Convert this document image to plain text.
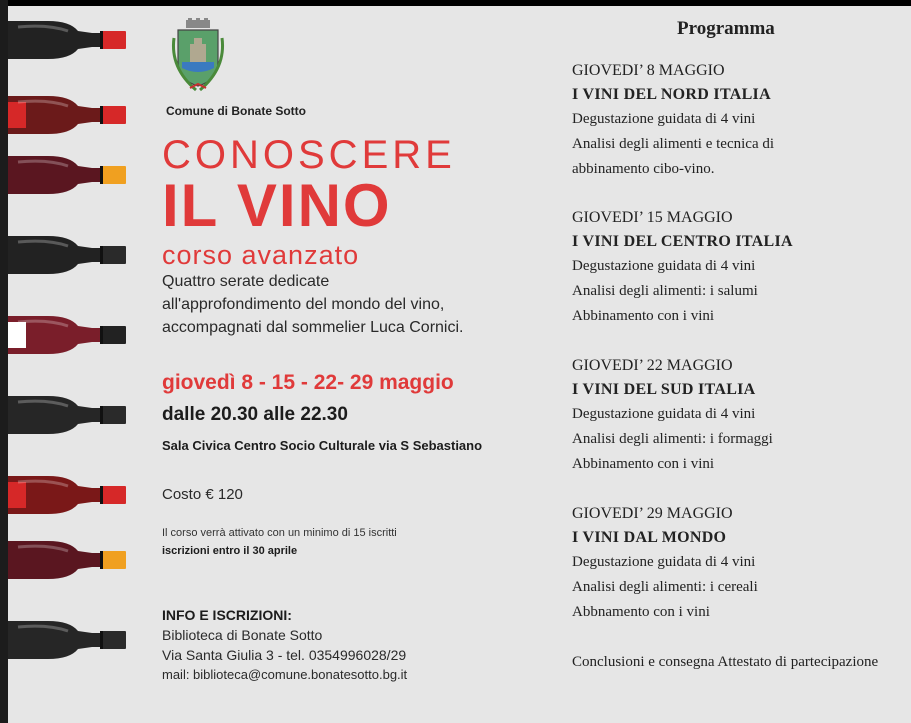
Comune di Bonate Sotto
CONOSCERE
IL VINO
corso avanzato
Quattro serate dedicate
all'approfondimento del mondo del vino,
accompagnati dal sommelier Luca Cornici.
giovedì 8 - 15 - 22- 29 maggio
dalle 20.30 alle 22.30
Sala Civica Centro Socio Culturale via S Sebastiano
Costo € 120
Il corso verrà attivato con un minimo di 15 iscritti
iscrizioni entro il 30 aprile
INFO E ISCRIZIONI:
Biblioteca di Bonate Sotto
Via Santa Giulia 3 - tel. 0354996028/29
mail: biblioteca@comune.bonatesotto.bg.it
Programma
GIOVEDI’ 8 MAGGIO
I VINI DEL NORD ITALIA
Degustazione guidata di 4 vini
Analisi degli alimenti e tecnica di
abbinamento cibo-vino.
GIOVEDI’ 15 MAGGIO
I VINI DEL CENTRO ITALIA
Degustazione guidata di 4 vini
Analisi degli alimenti: i salumi
Abbinamento con i vini
GIOVEDI’ 22 MAGGIO
I VINI DEL SUD ITALIA
Degustazione guidata di 4 vini
Analisi degli alimenti: i formaggi
Abbinamento con i vini
GIOVEDI’ 29 MAGGIO
I VINI DAL MONDO
Degustazione guidata di 4 vini
Analisi degli alimenti: i cereali
Abbnamento con i vini
Conclusioni e consegna Attestato di partecipazione
